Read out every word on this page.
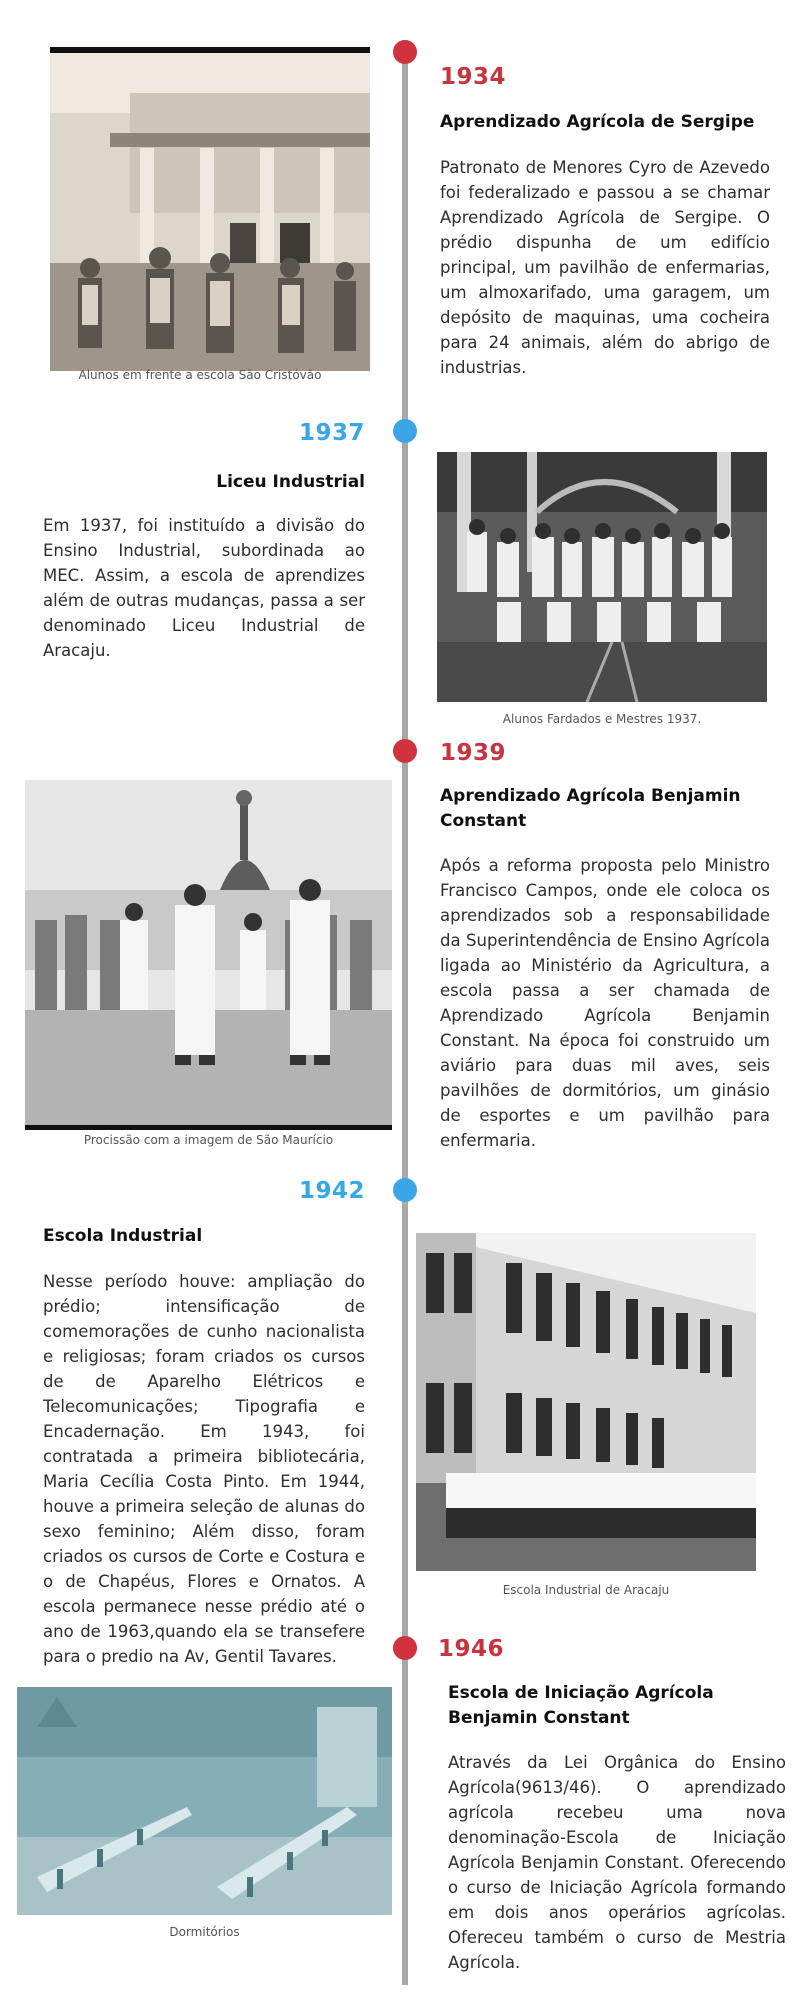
1934
Aprendizado Agrícola de Sergipe
Patronato de Menores Cyro de Azevedo foi federalizado e passou a se chamar Aprendizado Agrícola de Sergipe. O prédio dispunha de um edifício principal, um pavilhão de enfermarias, um almoxarifado, uma garagem, um depósito de maquinas, uma cocheira para 24 animais, além do abrigo de industrias.
Alunos em frente a escola São Cristóvão
1937
Liceu Industrial
Em 1937, foi instituído a divisão do Ensino Industrial, subordinada ao MEC. Assim, a escola de aprendizes além de outras mudanças, passa a ser denominado Liceu Industrial de Aracaju.
Alunos Fardados e Mestres 1937.
1939
Aprendizado Agrícola Benjamin Constant
Após a reforma proposta pelo Ministro Francisco Campos, onde ele coloca os aprendizados sob a responsabilidade da Superintendência de Ensino Agrícola ligada ao Ministério da Agricultura, a escola passa a ser chamada de Aprendizado Agrícola Benjamin Constant. Na época foi construido um aviário para duas mil aves, seis pavilhões de dormitórios, um ginásio de esportes e um pavilhão para enfermaria.
Procissão com a imagem de São Maurício
1942
Escola Industrial
Nesse período houve: ampliação do prédio; intensificação de comemorações de cunho nacionalista e religiosas; foram criados os cursos de de Aparelho Elétricos e Telecomunicações; Tipografia e Encadernação. Em 1943, foi contratada a primeira bibliotecária, Maria Cecília Costa Pinto. Em 1944, houve a primeira seleção de alunas do sexo feminino; Além disso, foram criados os cursos de Corte e Costura e o de Chapéus, Flores e Ornatos. A escola permanece nesse prédio até o ano de 1963,quando ela se transefere para o predio na Av, Gentil Tavares.
Escola Industrial de Aracaju
1946
Escola de Iniciação Agrícola Benjamin Constant
Através da Lei Orgânica do Ensino Agrícola(9613/46). O aprendizado agrícola recebeu uma nova denominação-Escola de Iniciação Agrícola Benjamin Constant. Oferecendo o curso de Iniciação Agrícola formando em dois anos operários agrícolas. Ofereceu também o curso de Mestria Agrícola.
Dormitórios
